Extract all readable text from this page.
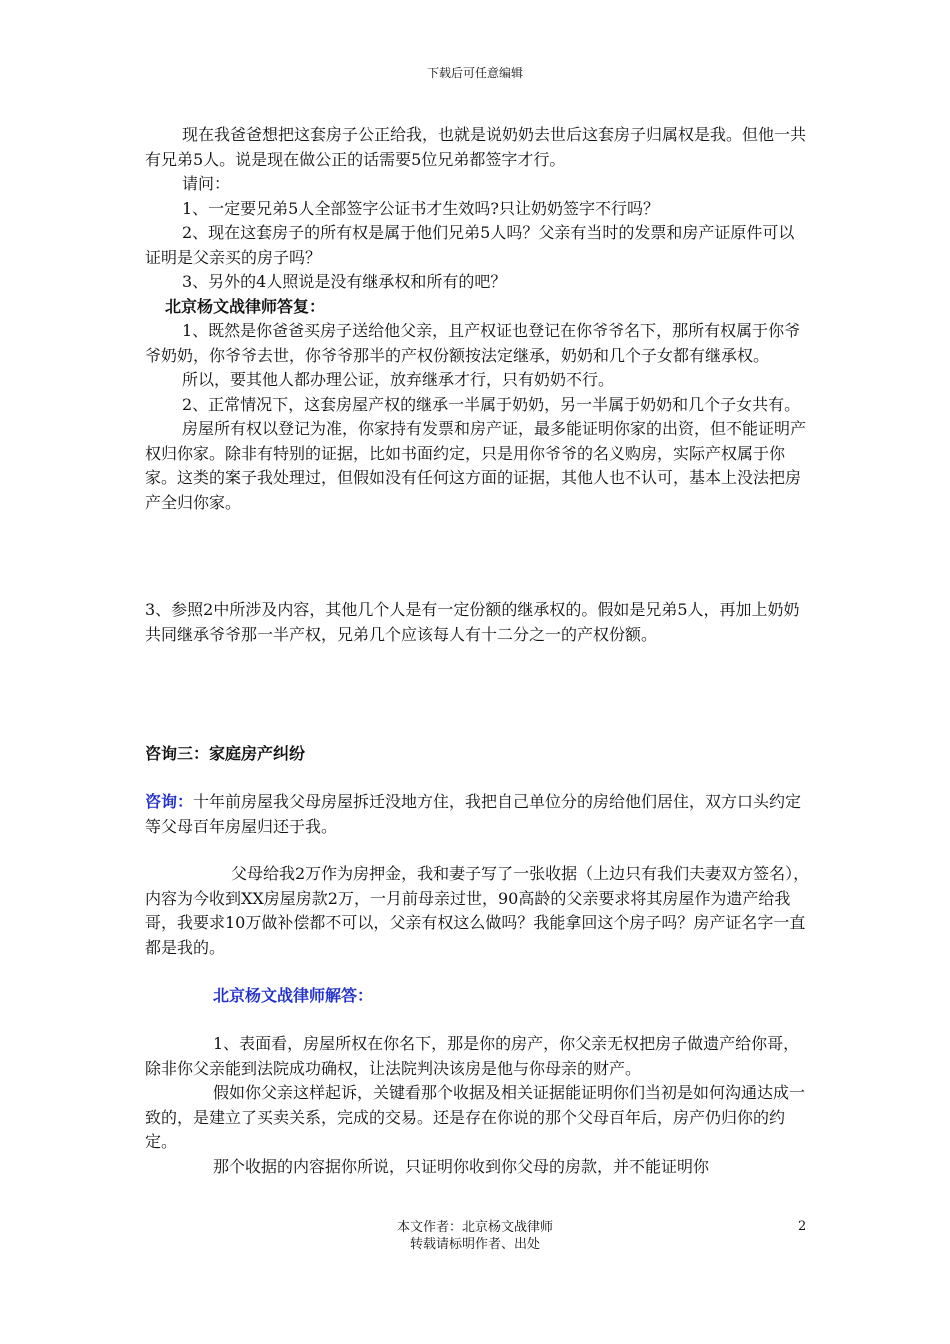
下载后可任意编辑

现在我爸爸想把这套房子公正给我，也就是说奶奶去世后这套房子归属权是我。但他一共有兄弟5人。说是现在做公正的话需要5位兄弟都签字才行。

请问：

1、一定要兄弟5人全部签字公证书才生效吗?只让奶奶签字不行吗？

2、现在这套房子的所有权是属于他们兄弟5人吗？父亲有当时的发票和房产证原件可以证明是父亲买的房子吗？

3、另外的4人照说是没有继承权和所有的吧？

北京杨文战律师答复：

1、既然是你爸爸买房子送给他父亲，且产权证也登记在你爷爷名下，那所有权属于你爷爷奶奶，你爷爷去世，你爷爷那半的产权份额按法定继承，奶奶和几个子女都有继承权。

所以，要其他人都办理公证，放弃继承才行，只有奶奶不行。

2、正常情况下，这套房屋产权的继承一半属于奶奶，另一半属于奶奶和几个子女共有。

房屋所有权以登记为准，你家持有发票和房产证，最多能证明你家的出资，但不能证明产权归你家。除非有特别的证据，比如书面约定，只是用你爷爷的名义购房，实际产权属于你家。这类的案子我处理过，但假如没有任何这方面的证据，其他人也不认可，基本上没法把房产全归你家。

3、参照2中所涉及内容，其他几个人是有一定份额的继承权的。假如是兄弟5人，再加上奶奶共同继承爷爷那一半产权，兄弟几个应该每人有十二分之一的产权份额。

咨询三：家庭房产纠纷

咨询：十年前房屋我父母房屋拆迁没地方住，我把自己单位分的房给他们居住，双方口头约定等父母百年房屋归还于我。

父母给我2万作为房押金，我和妻子写了一张收据（上边只有我们夫妻双方签名），内容为今收到XX房屋房款2万，一月前母亲过世，90高龄的父亲要求将其房屋作为遗产给我哥，我要求10万做补偿都不可以，父亲有权这么做吗？我能拿回这个房子吗？房产证名字一直都是我的。

北京杨文战律师解答：

1、表面看，房屋所权在你名下，那是你的房产，你父亲无权把房子做遗产给你哥，除非你父亲能到法院成功确权，让法院判决该房是他与你母亲的财产。

假如你父亲这样起诉，关键看那个收据及相关证据能证明你们当初是如何沟通达成一致的，是建立了买卖关系，完成的交易。还是存在你说的那个父母百年后，房产仍归你的约定。

那个收据的内容据你所说，只证明你收到你父母的房款，并不能证明你

本文作者：北京杨文战律师
转载请标明作者、出处
2
